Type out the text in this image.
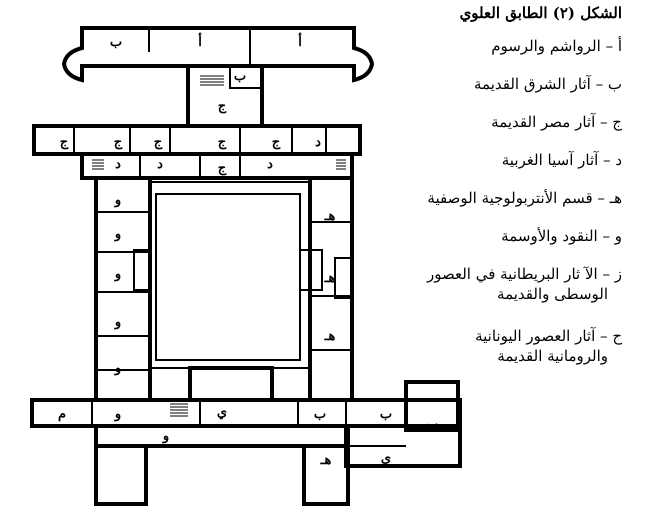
ب	أ	أ
ب
ج
ج	ج ج	ج	ج	د
د	د	ج	د
و
و
و
و
و
هـ
هـ
هـ
م	و
و
ي	ب	ب
ب
هـ	ى
الشكل (٢) الطابق العلوي
أ – الرواشم والرسوم
ب – آثار الشرق القديمة
ج – آثار مصر القديمة
د – آثار آسيا الغربية
هـ – قسم الأنتربولوجية الوصفية
و – النقود والأوسمة
ز – الآ ثار البريطانية في العصور
الوسطى والقديمة
ح – آثار العصور اليونانية
والرومانية القديمة
